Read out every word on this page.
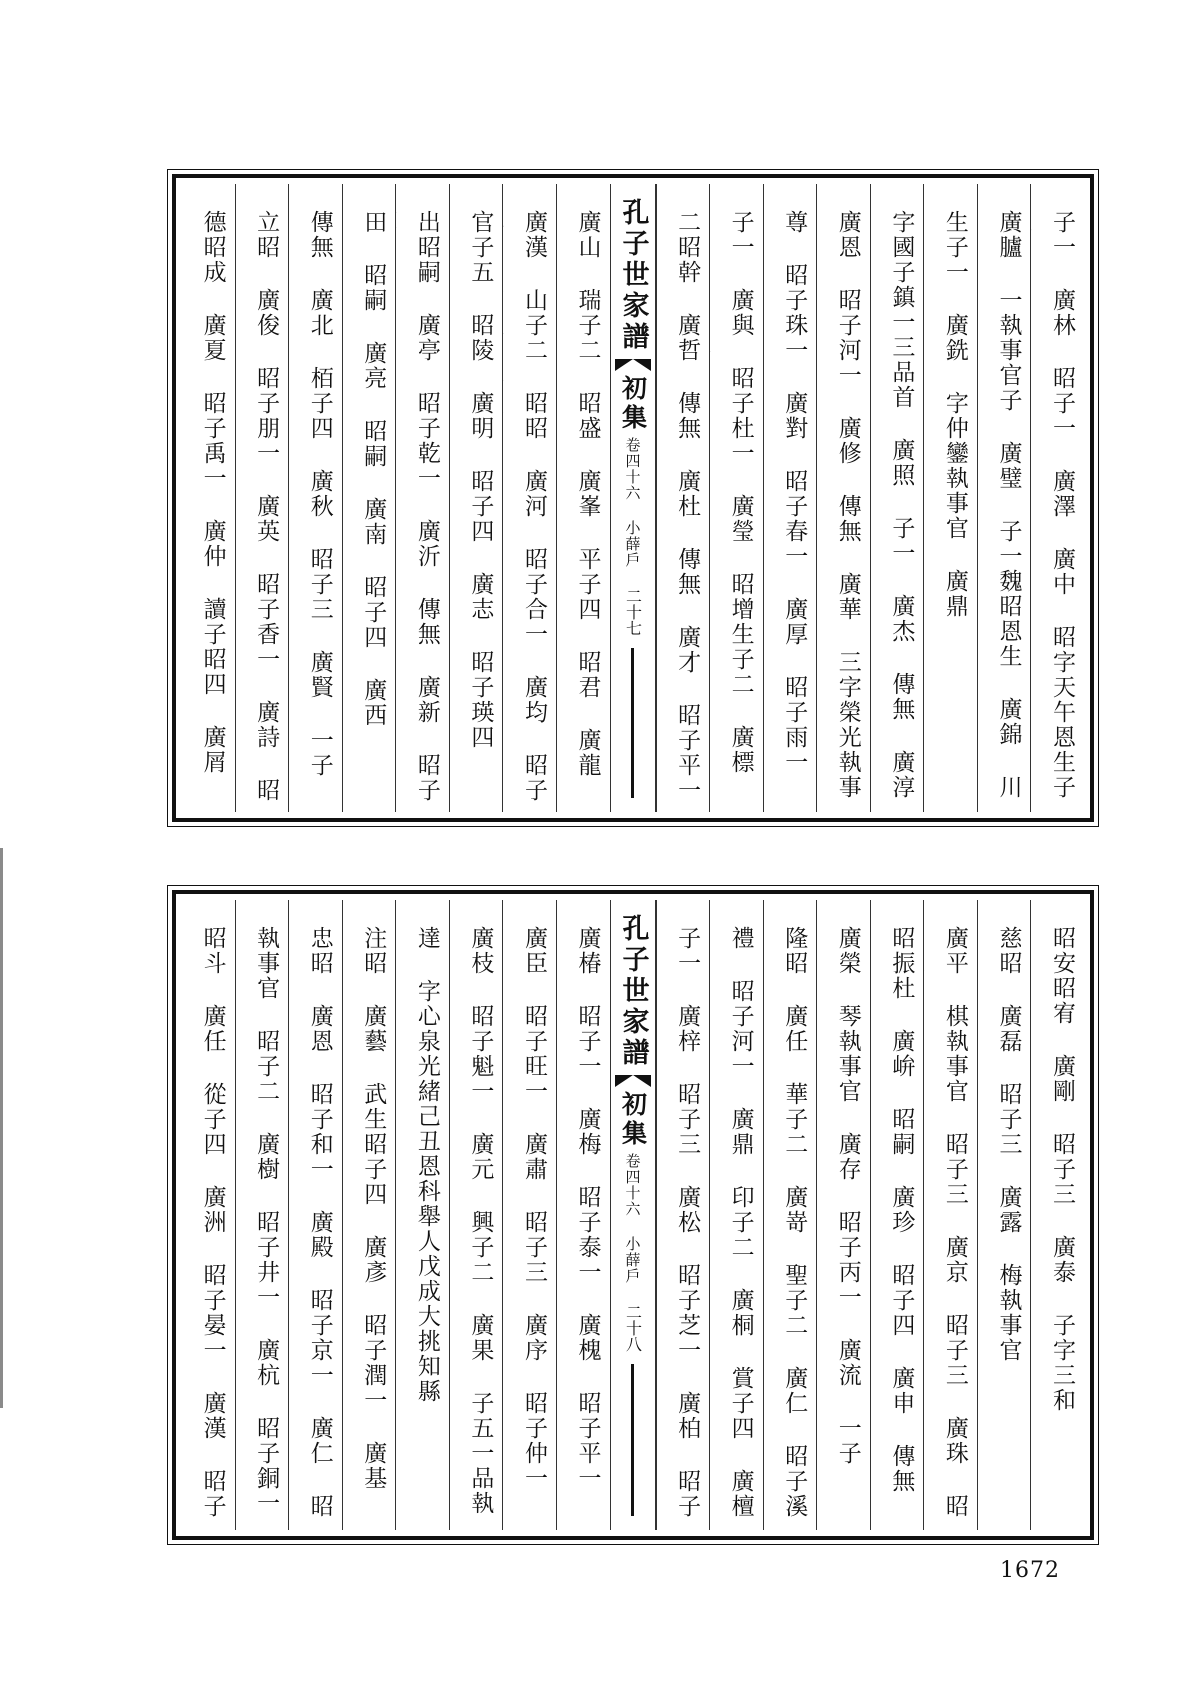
子一 廣林 昭子一 廣澤 廣中 昭字天午恩生子
廣臚 一執事官子 廣璧 子一魏昭恩生 廣錦 川
生子一 廣銑 字仲鑾執事官 廣鼎
字國子鎮一三品首 廣照 子一 廣杰 傳無 廣淳
廣恩 昭子河一 廣修 傳無 廣華 三字榮光執事
尊 昭子珠一 廣對 昭子春一 廣厚 昭子雨一
子一 廣與 昭子杜一 廣瑩 昭增生子二 廣標
二昭幹 廣哲 傳無 廣杜 傳無 廣才 昭子平一
孔子世家譜
初集
卷四十六 小薛戶
二十七
廣山 瑞子二 昭盛 廣峯 平子四 昭君 廣龍
廣漢 山子二 昭昭 廣河 昭子合一 廣均 昭子
官子五 昭陵 廣明 昭子四 廣志 昭子瑛四
出昭嗣 廣亭 昭子乾一 廣沂 傳無 廣新 昭子
田 昭嗣 廣亮 昭嗣 廣南 昭子四 廣西
傳無 廣北 栢子四 廣秋 昭子三 廣賢 一子
立昭 廣俊 昭子朋一 廣英 昭子香一 廣詩 昭
德昭成 廣夏 昭子禹一 廣仲 讀子昭四 廣屑
昭安昭宥 廣剛 昭子三 廣泰 子字三和
慈昭 廣磊 昭子三 廣露 梅執事官
廣平 棋執事官 昭子三 廣京 昭子三 廣珠 昭
昭振杜 廣峅 昭嗣 廣珍 昭子四 廣申 傳無
廣榮 琴執事官 廣存 昭子丙一 廣流 一子
隆昭 廣任 華子二 廣嵜 聖子二 廣仁 昭子溪
禮 昭子河一 廣鼎 印子二 廣桐 賞子四 廣檀
子一 廣梓 昭子三 廣松 昭子芝一 廣柏 昭子
孔子世家譜
初集
卷四十六 小薛戶
二十八
廣椿 昭子一 廣梅 昭子泰一 廣槐 昭子平一
廣臣 昭子旺一 廣肅 昭子三 廣序 昭子仲一
廣枝 昭子魁一 廣元 興子二 廣果 子五一品執
達 字心泉光緒己丑恩科舉人戊成大挑知縣
注昭 廣藝 武生昭子四 廣彥 昭子潤一 廣基
忠昭 廣恩 昭子和一 廣殿 昭子京一 廣仁 昭
執事官 昭子二 廣樹 昭子井一 廣杭 昭子銅一
昭斗 廣任 從子四 廣洲 昭子晏一 廣漢 昭子
1672
